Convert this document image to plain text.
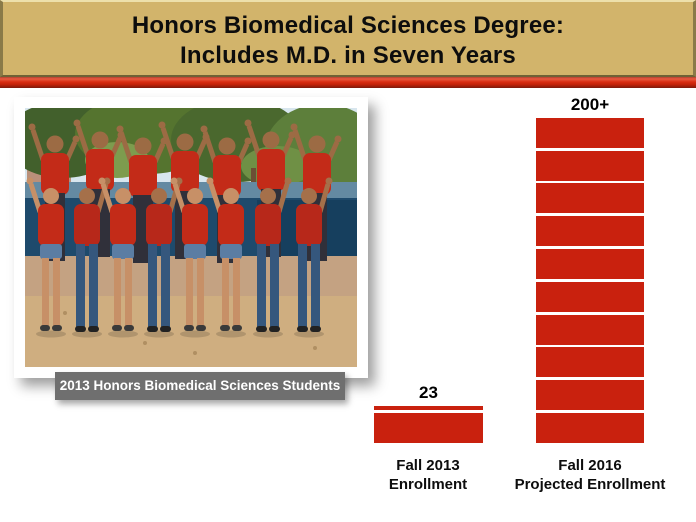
Honors Biomedical Sciences Degree:
Includes M.D. in Seven Years
2013 Honors Biomedical Sciences Students	23
200+
Fall 2013
Enrollment
Fall 2016
Projected Enrollment
